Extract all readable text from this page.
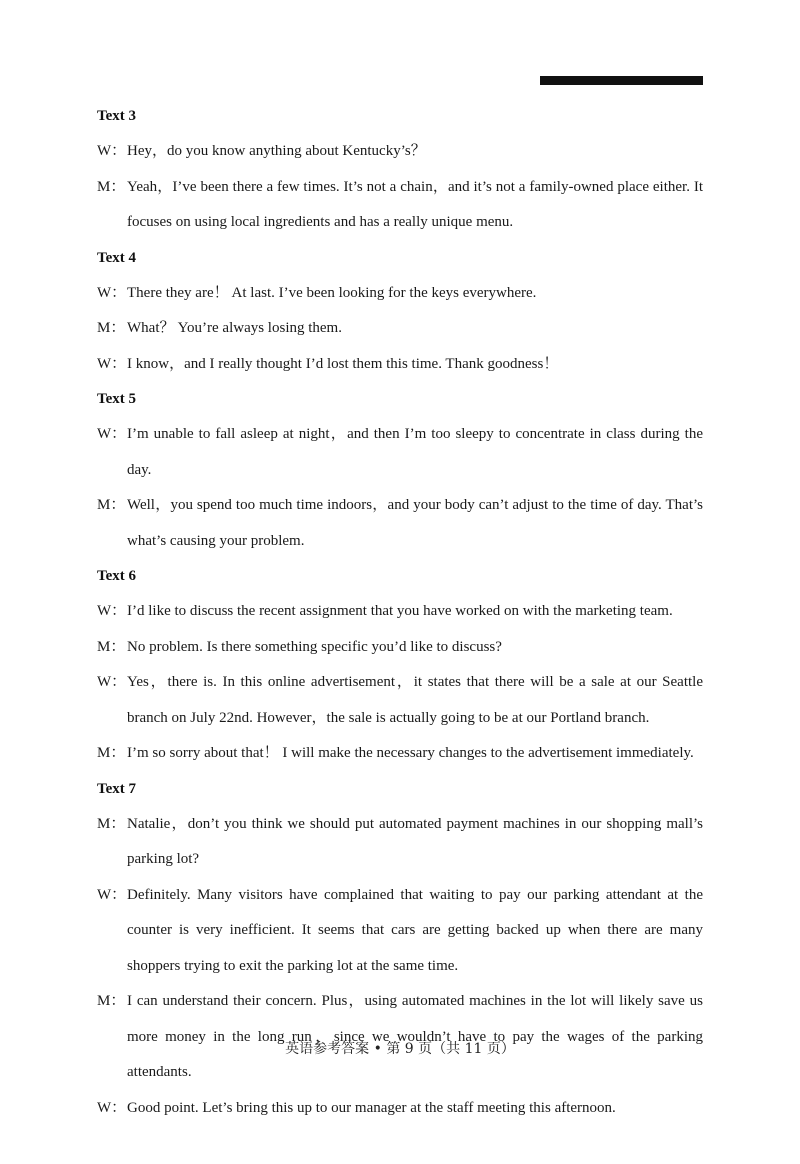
Text 3

W：Hey，do you know anything about Kentucky’s？

M： Yeah，I’ve been there a few times. It’s not a chain，and it’s not a family-owned place either. It focuses on using local ingredients and has a really unique menu.

Text 4

W：There they are！ At last. I’ve been looking for the keys everywhere.

M： What？ You’re always losing them.

W：I know，and I really thought I’d lost them this time. Thank goodness！

Text 5

W：I’m unable to fall asleep at night，and then I’m too sleepy to concentrate in class during the day.

M： Well，you spend too much time indoors，and your body can’t adjust to the time of day. That’s what’s causing your problem.

Text 6

W：I’d like to discuss the recent assignment that you have worked on with the marketing team.

M： No problem. Is there something specific you’d like to discuss?

W：Yes，there is. In this online advertisement，it states that there will be a sale at our Seattle branch on July 22nd. However，the sale is actually going to be at our Portland branch.

M： I’m so sorry about that！ I will make the necessary changes to the advertisement immediately.

Text 7

M： Natalie，don’t you think we should put automated payment machines in our shopping mall’s parking lot?

W：Definitely. Many visitors have complained that waiting to pay our parking attendant at the counter is very inefficient. It seems that cars are getting backed up when there are many shoppers trying to exit the parking lot at the same time.

M： I can understand their concern. Plus，using automated machines in the lot will likely save us more money in the long run，since we wouldn’t have to pay the wages of the parking attendants.

W：Good point. Let’s bring this up to our manager at the staff meeting this afternoon.

英语参考答案 • 第 9 页（共 11 页）
